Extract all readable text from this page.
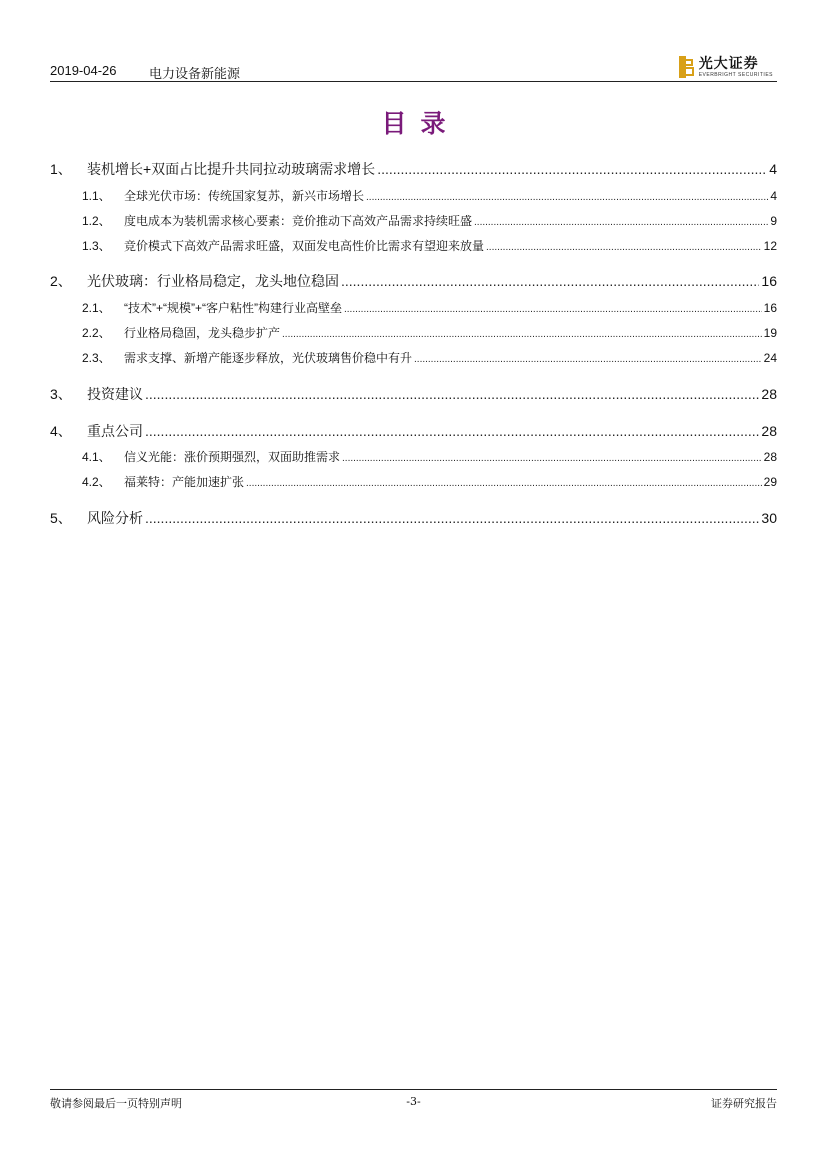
2019-04-26	电力设备新能源
光大证券
EVERBRIGHT SECURITIES
目录
1、	装机增长+双面占比提升共同拉动玻璃需求增长 .....	4
1.1、	全球光伏市场：传统国家复苏，新兴市场增长 .....	4
1.2、	度电成本为装机需求核心要素：竞价推动下高效产品需求持续旺盛 .....	9
1.3、	竞价模式下高效产品需求旺盛，双面发电高性价比需求有望迎来放量 .....	12
2、	光伏玻璃：行业格局稳定，龙头地位稳固 .....	16
2.1、	“技术”+“规模”+“客户粘性”构建行业高壁垒 .....	16
2.2、	行业格局稳固，龙头稳步扩产 .....	19
2.3、	需求支撑、新增产能逐步释放，光伏玻璃售价稳中有升 .....	24
3、	投资建议 .....	28
4、	重点公司 .....	28
4.1、	信义光能：涨价预期强烈，双面助推需求 .....	28
4.2、	福莱特：产能加速扩张 .....	29
5、	风险分析 .....	30
敬请参阅最后一页特别声明	-3-	证券研究报告
